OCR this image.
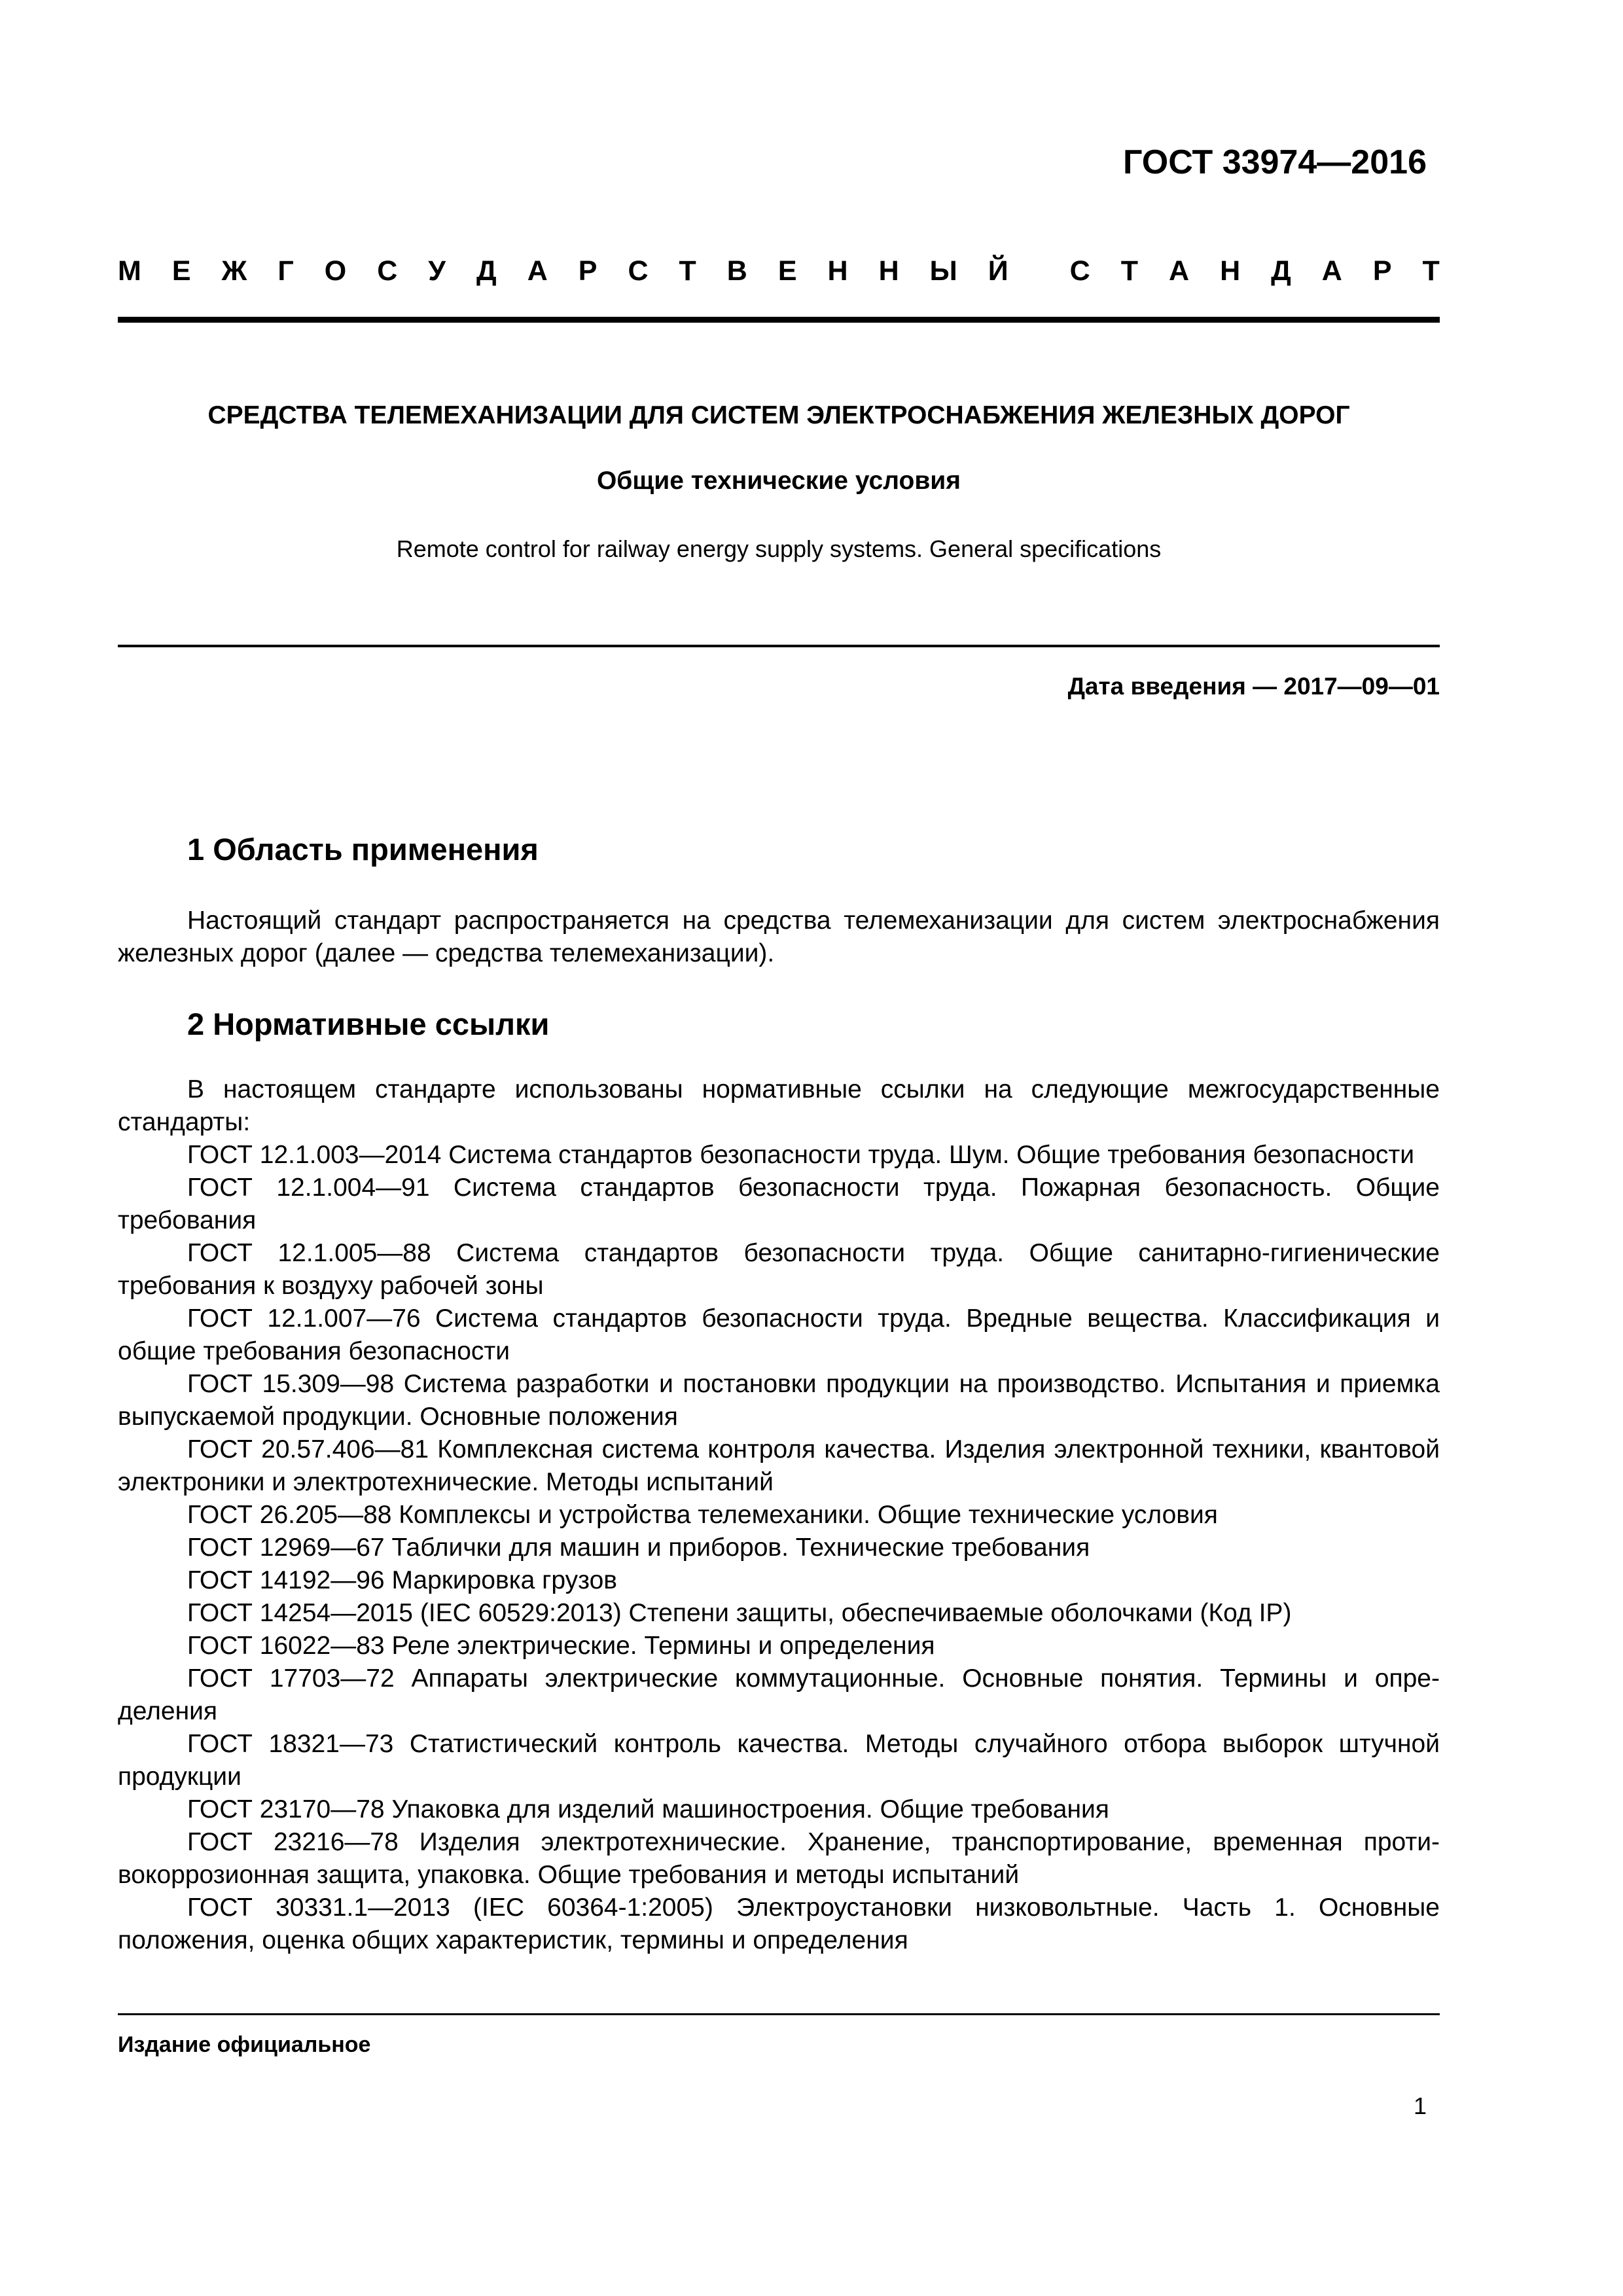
ГОСТ 33974—2016
М Е Ж Г О С У Д А Р С Т В Е Н Н Ы Й С Т А Н Д А Р Т
СРЕДСТВА ТЕЛЕМЕХАНИЗАЦИИ ДЛЯ СИСТЕМ ЭЛЕКТРОСНАБЖЕНИЯ ЖЕЛЕЗНЫХ ДОРОГ
Общие технические условия
Remote control for railway energy supply systems. General specifications
Дата введения — 2017—09—01
1 Область применения
Настоящий стандарт распространяется на средства телемеханизации для систем электроснабжения железных дорог (далее — средства телемеханизации).
2 Нормативные ссылки
В настоящем стандарте использованы нормативные ссылки на следующие межгосударственные стандарты:
ГОСТ 12.1.003—2014 Система стандартов безопасности труда. Шум. Общие требования безопасности
ГОСТ 12.1.004—91 Система стандартов безопасности труда. Пожарная безопасность. Общие требования
ГОСТ 12.1.005—88 Система стандартов безопасности труда. Общие санитарно-гигиенические требования к воздуху рабочей зоны
ГОСТ 12.1.007—76 Система стандартов безопасности труда. Вредные вещества. Классификация и общие требования безопасности
ГОСТ 15.309—98 Система разработки и постановки продукции на производство. Испытания и приемка выпускаемой продукции. Основные положения
ГОСТ 20.57.406—81 Комплексная система контроля качества. Изделия электронной техники, квантовой электроники и электротехнические. Методы испытаний
ГОСТ 26.205—88 Комплексы и устройства телемеханики. Общие технические условия
ГОСТ 12969—67 Таблички для машин и приборов. Технические требования
ГОСТ 14192—96 Маркировка грузов
ГОСТ 14254—2015 (IEC 60529:2013) Степени защиты, обеспечиваемые оболочками (Код IP)
ГОСТ 16022—83 Реле электрические. Термины и определения
ГОСТ 17703—72 Аппараты электрические коммутационные. Основные понятия. Термины и определения
ГОСТ 18321—73 Статистический контроль качества. Методы случайного отбора выборок штучной продукции
ГОСТ 23170—78 Упаковка для изделий машиностроения. Общие требования
ГОСТ 23216—78 Изделия электротехнические. Хранение, транспортирование, временная противокоррозионная защита, упаковка. Общие требования и методы испытаний
ГОСТ 30331.1—2013 (IEC 60364-1:2005) Электроустановки низковольтные. Часть 1. Основные положения, оценка общих характеристик, термины и определения
Издание официальное
1
